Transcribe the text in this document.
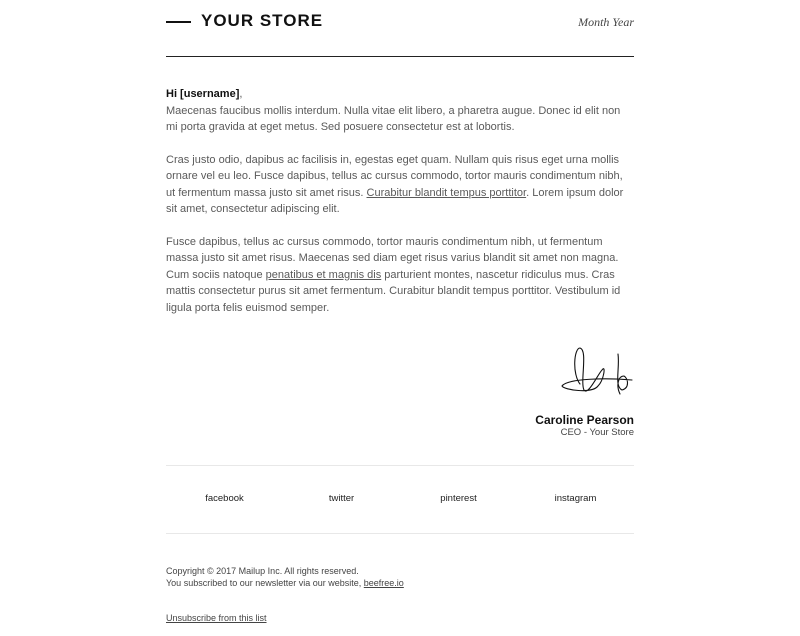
YOUR STORE	Month Year

Hi [username],
Maecenas faucibus mollis interdum. Nulla vitae elit libero, a pharetra augue. Donec id elit non mi porta gravida at eget metus. Sed posuere consectetur est at lobortis.

Cras justo odio, dapibus ac facilisis in, egestas eget quam. Nullam quis risus eget urna mollis ornare vel eu leo. Fusce dapibus, tellus ac cursus commodo, tortor mauris condimentum nibh, ut fermentum massa justo sit amet risus. Curabitur blandit tempus porttitor. Lorem ipsum dolor sit amet, consectetur adipiscing elit.

Fusce dapibus, tellus ac cursus commodo, tortor mauris condimentum nibh, ut fermentum massa justo sit amet risus. Maecenas sed diam eget risus varius blandit sit amet non magna. Cum sociis natoque penatibus et magnis dis parturient montes, nascetur ridiculus mus. Cras mattis consectetur purus sit amet fermentum. Curabitur blandit tempus porttitor. Vestibulum id ligula porta felis euismod semper.

Caroline Pearson
CEO - Your Store
facebook	twitter	pinterest	instagram
Copyright © 2017 Mailup Inc. All rights reserved.
You subscribed to our newsletter via our website, beefree.io
Unsubscribe from this list
